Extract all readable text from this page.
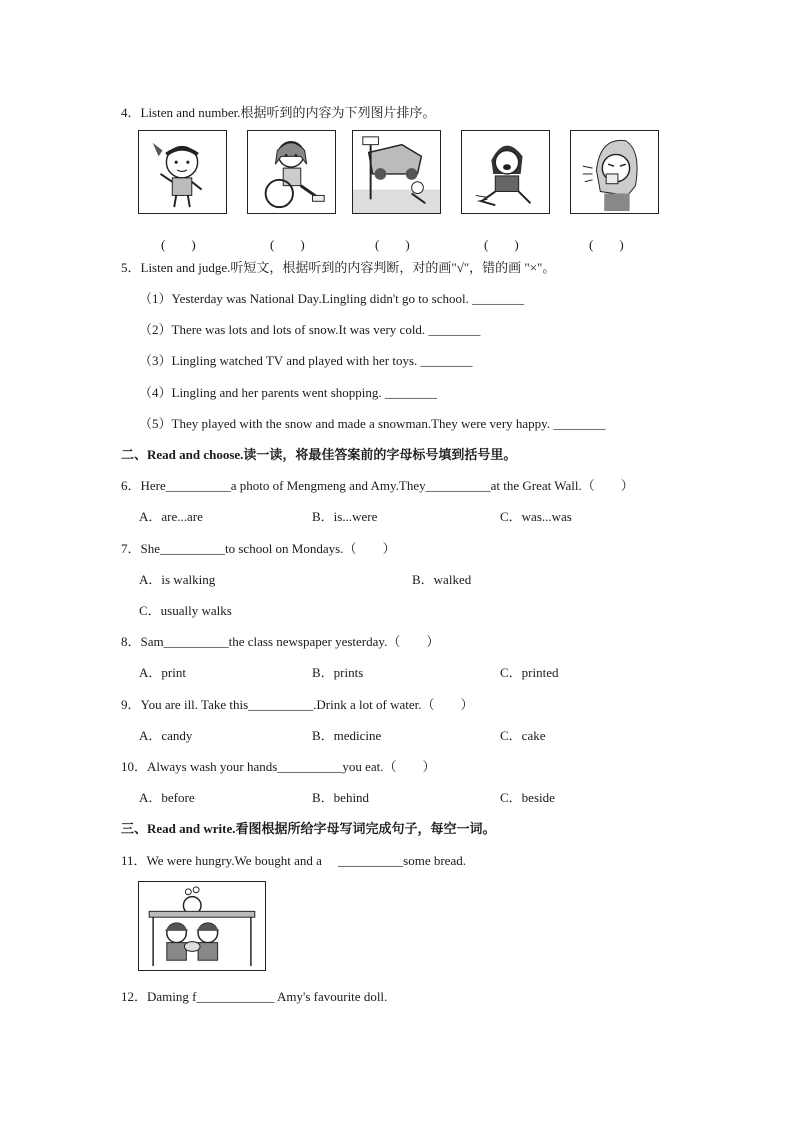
4．Listen and number.根据听到的内容为下列图片排序。
(　　)	(　　)	(　　)	(　　)	(　　)
5．Listen and judge.听短文，根据听到的内容判断，对的画"√"，错的画 "×"。
（1）Yesterday was National Day.Lingling didn't go to school. ________
（2）There was lots and lots of snow.It was very cold. ________
（3）Lingling watched TV and played with her toys. ________
（4）Lingling and her parents went shopping. ________
（5）They played with the snow and made a snowman.They were very happy. ________
二、Read and choose.读一读，将最佳答案前的字母标号填到括号里。
6．Here__________a photo of Mengmeng and Amy.They__________at the Great Wall.（　　）
A．are...are	B．is...were	C．was...was
7．She__________to school on Mondays.（　　）
A．is walking	B．walked
C．usually walks
8．Sam__________the class newspaper yesterday.（　　）
A．print	B．prints	C．printed
9．You are ill. Take this__________.Drink a lot of water.（　　）
A．candy	B．medicine	C．cake
10．Always wash your hands__________you eat.（　　）
A．before	B．behind	C．beside
三、Read and write.看图根据所给字母写词完成句子，每空一词。
11．We were hungry.We bought and a　 __________some bread.
12．Daming f____________ Amy's favourite doll.
